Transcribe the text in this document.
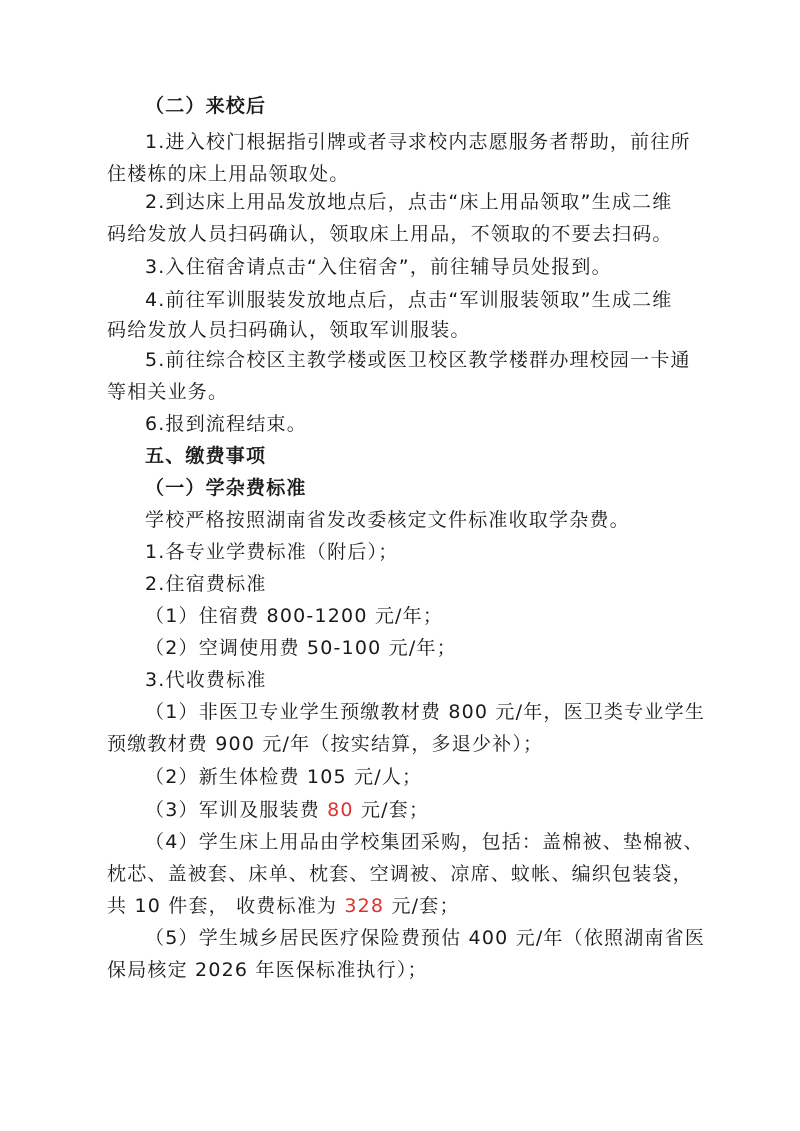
（二）来校后
1.进入校门根据指引牌或者寻求校内志愿服务者帮助，前往所
住楼栋的床上用品领取处。
2.到达床上用品发放地点后，点击“床上用品领取”生成二维
码给发放人员扫码确认，领取床上用品，不领取的不要去扫码。
3.入住宿舍请点击“入住宿舍”，前往辅导员处报到。
4.前往军训服装发放地点后，点击“军训服装领取”生成二维
码给发放人员扫码确认，领取军训服装。
5.前往综合校区主教学楼或医卫校区教学楼群办理校园一卡通
等相关业务。
6.报到流程结束。
五、缴费事项
（一）学杂费标准
学校严格按照湖南省发改委核定文件标准收取学杂费。
1.各专业学费标准（附后）；
2.住宿费标准
（1）住宿费 800-1200 元/年；
（2）空调使用费 50-100 元/年；
3.代收费标准
（1）非医卫专业学生预缴教材费 800 元/年，医卫类专业学生
预缴教材费 900 元/年（按实结算，多退少补）；
（2）新生体检费 105 元/人；
（3）军训及服装费 80 元/套；
（4）学生床上用品由学校集团采购，包括：盖棉被、垫棉被、
枕芯、盖被套、床单、枕套、空调被、凉席、蚊帐、编织包装袋，
共 10 件套， 收费标准为 328 元/套；
（5）学生城乡居民医疗保险费预估 400 元/年（依照湖南省医
保局核定 2026 年医保标准执行）；
